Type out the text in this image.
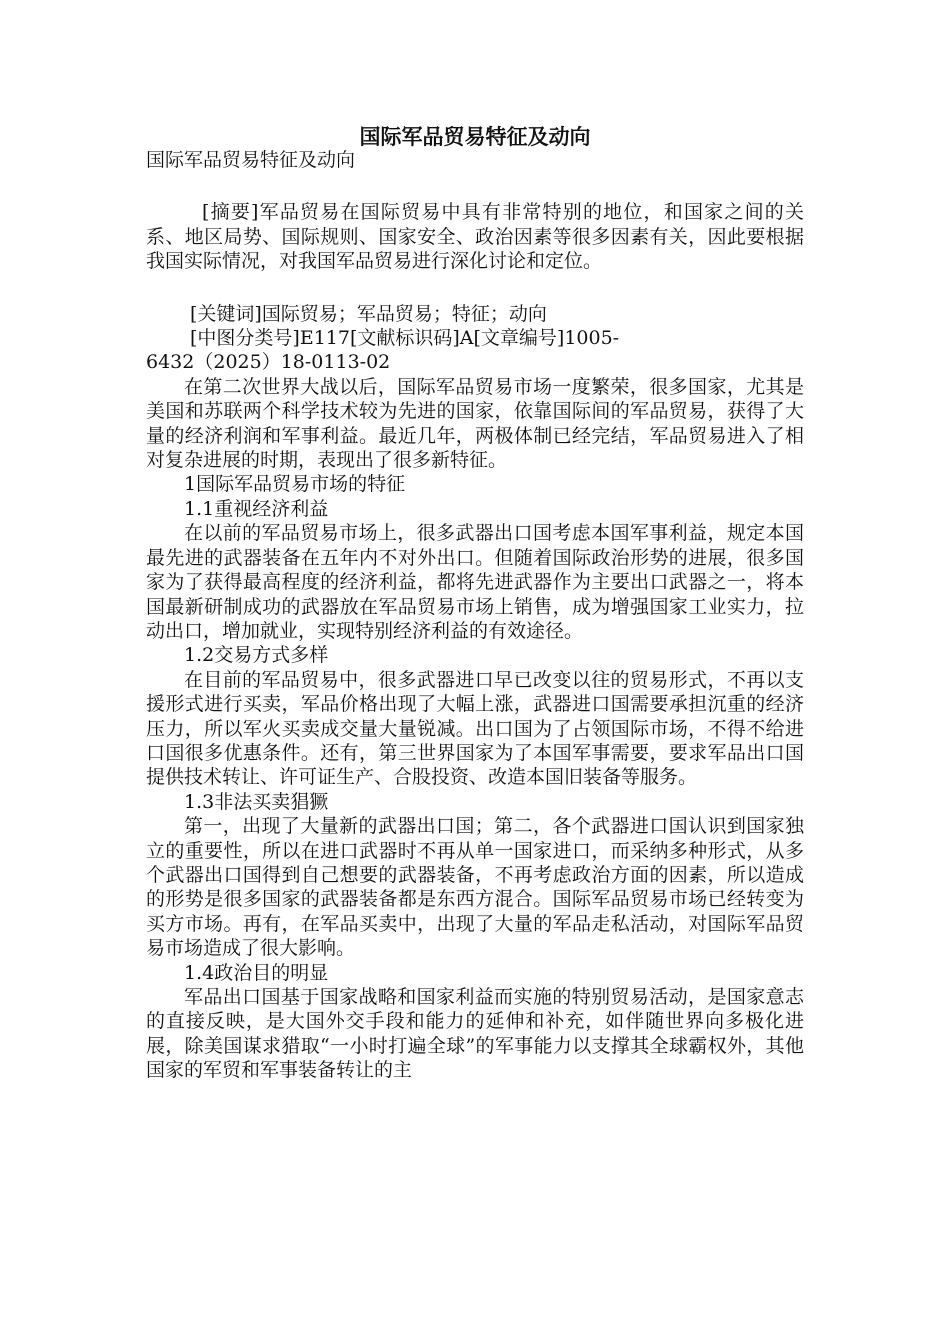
国际军品贸易特征及动向

国际军品贸易特征及动向

[摘要]军品贸易在国际贸易中具有非常特别的地位，和国家之间的关系、地区局势、国际规则、国家安全、政治因素等很多因素有关，因此要根据我国实际情况，对我国军品贸易进行深化讨论和定位。

[关键词]国际贸易；军品贸易；特征；动向

[中图分类号]E117[文献标识码]A[文章编号]1005-

6432（2025）18-0113-02

在第二次世界大战以后，国际军品贸易市场一度繁荣，很多国家，尤其是美国和苏联两个科学技术较为先进的国家，依靠国际间的军品贸易，获得了大量的经济利润和军事利益。最近几年，两极体制已经完结，军品贸易进入了相对复杂进展的时期，表现出了很多新特征。

1国际军品贸易市场的特征

1.1重视经济利益

在以前的军品贸易市场上，很多武器出口国考虑本国军事利益，规定本国最先进的武器装备在五年内不对外出口。但随着国际政治形势的进展，很多国家为了获得最高程度的经济利益，都将先进武器作为主要出口武器之一，将本国最新研制成功的武器放在军品贸易市场上销售，成为增强国家工业实力，拉动出口，增加就业，实现特别经济利益的有效途径。

1.2交易方式多样

在目前的军品贸易中，很多武器进口早已改变以往的贸易形式，不再以支援形式进行买卖，军品价格出现了大幅上涨，武器进口国需要承担沉重的经济压力，所以军火买卖成交量大量锐减。出口国为了占领国际市场，不得不给进口国很多优惠条件。还有，第三世界国家为了本国军事需要，要求军品出口国提供技术转让、许可证生产、合股投资、改造本国旧装备等服务。

1.3非法买卖猖獗

第一，出现了大量新的武器出口国；第二，各个武器进口国认识到国家独立的重要性，所以在进口武器时不再从单一国家进口，而采纳多种形式，从多个武器出口国得到自己想要的武器装备，不再考虑政治方面的因素，所以造成的形势是很多国家的武器装备都是东西方混合。国际军品贸易市场已经转变为买方市场。再有，在军品买卖中，出现了大量的军品走私活动，对国际军品贸易市场造成了很大影响。

1.4政治目的明显

军品出口国基于国家战略和国家利益而实施的特别贸易活动，是国家意志的直接反映，是大国外交手段和能力的延伸和补充，如伴随世界向多极化进展，除美国谋求猎取“一小时打遍全球”的军事能力以支撑其全球霸权外，其他国家的军贸和军事装备转让的主
